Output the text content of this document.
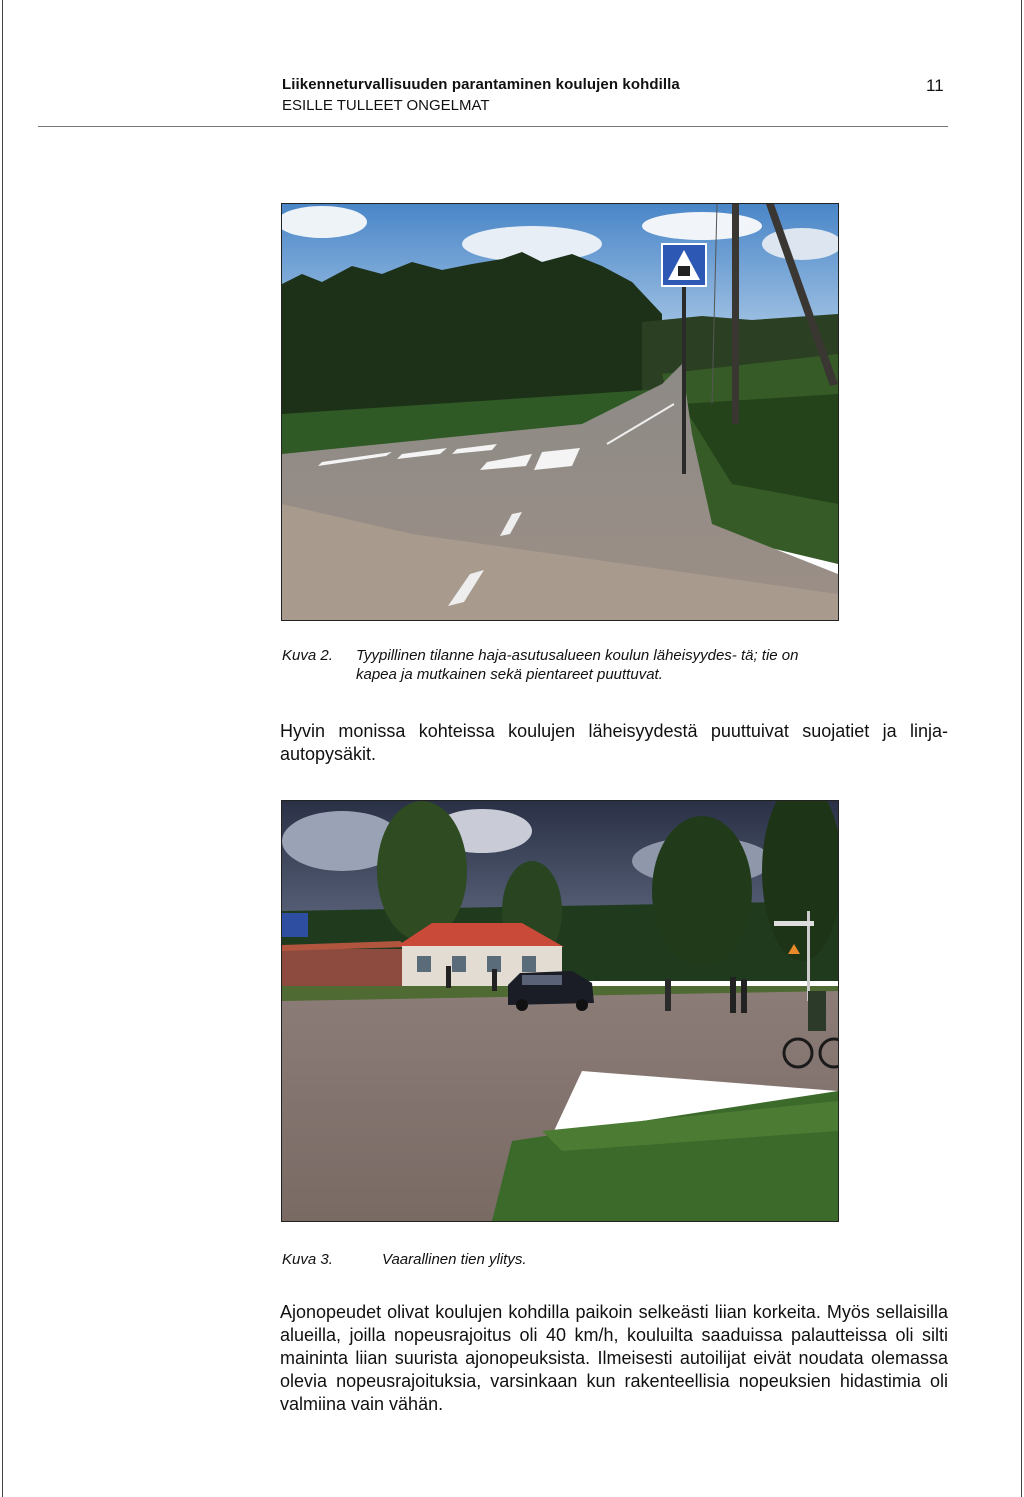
Liikenneturvallisuuden parantaminen koulujen kohdilla
ESILLE TULLEET ONGELMAT
11
Kuva 2. Tyypillinen tilanne haja-asutusalueen koulun läheisyydes- tä; tie on kapea ja mutkainen sekä pientareet puuttuvat.
Hyvin monissa kohteissa koulujen läheisyydestä puuttuivat suojatiet ja linja-autopysäkit.
Kuva 3.	Vaarallinen tien ylitys.
Ajonopeudet olivat koulujen kohdilla paikoin selkeästi liian korkeita. Myös sellaisilla alueilla, joilla nopeusrajoitus oli 40 km/h, kouluilta saaduissa palautteissa oli silti maininta liian suurista ajonopeuksista. Ilmeisesti autoilijat eivät noudata olemassa olevia nopeusrajoituksia, varsinkaan kun rakenteellisia nopeuksien hidastimia oli valmiina vain vähän.
